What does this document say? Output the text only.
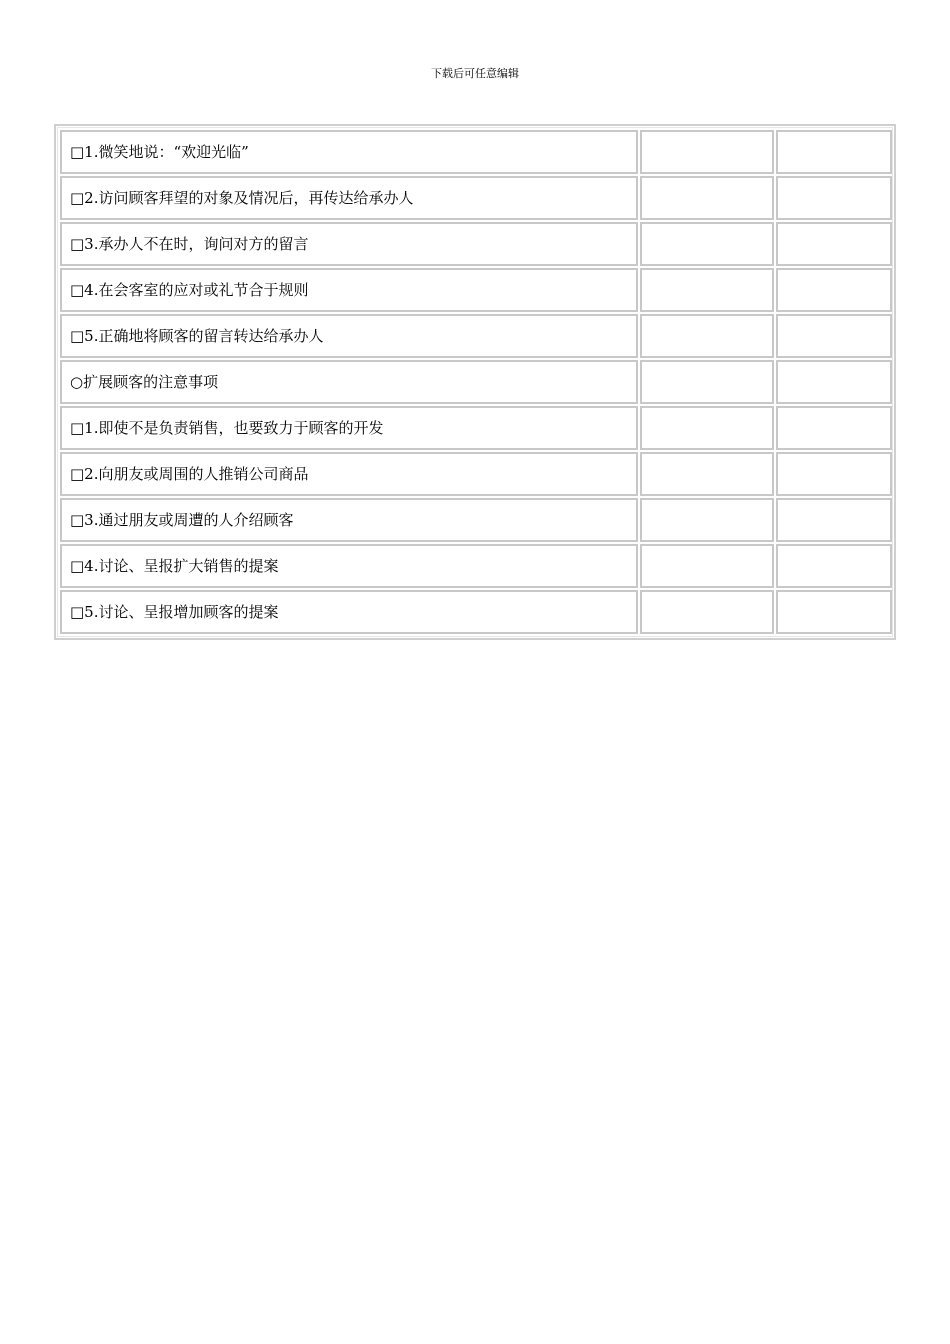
下载后可任意编辑
□1.微笑地说：“欢迎光临”		
□2.访问顾客拜望的对象及情况后，再传达给承办人		
□3.承办人不在时，询问对方的留言		
□4.在会客室的应对或礼节合于规则		
□5.正确地将顾客的留言转达给承办人		
○扩展顾客的注意事项		
□1.即使不是负责销售，也要致力于顾客的开发		
□2.向朋友或周围的人推销公司商品		
□3.通过朋友或周遭的人介绍顾客		
□4.讨论、呈报扩大销售的提案		
□5.讨论、呈报增加顾客的提案		
